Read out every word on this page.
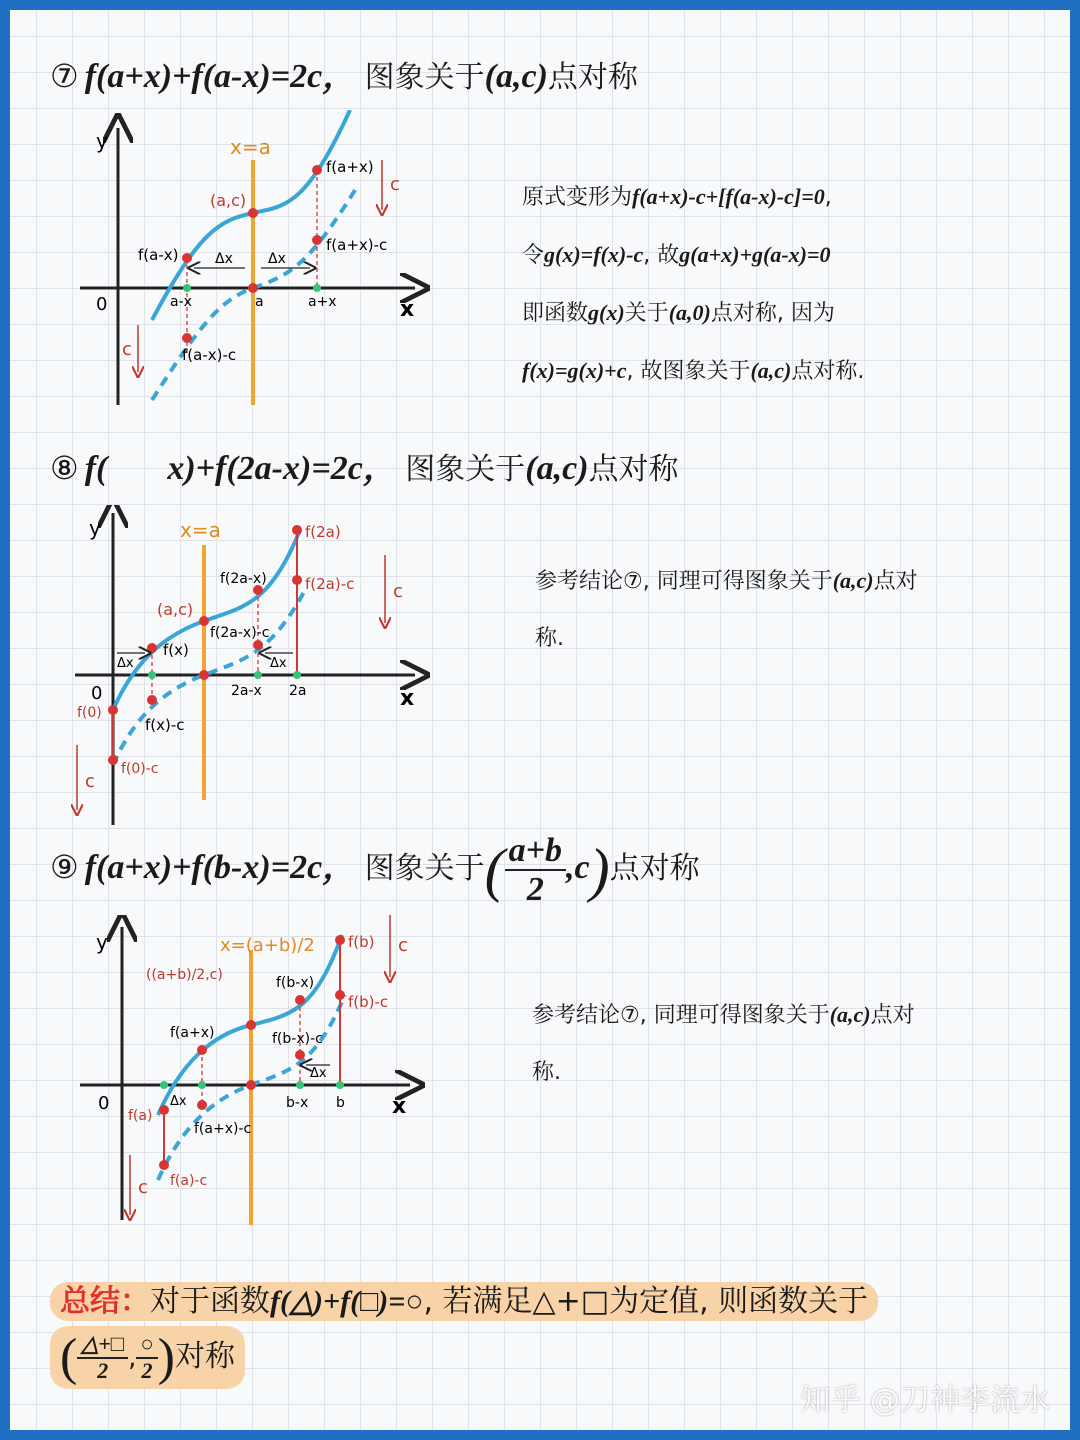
⑦ f(a+x)+f(a-x)=2c， 图象关于(a,c)点对称
y
x
0
x=a
(a,c)
f(a-x)
f(a+x)
f(a+x)-c
f(a-x)-c
a-x	a	a+x
Δx	Δx
c
c
原式变形为f(a+x)-c+[f(a-x)-c]=0,
令g(x)=f(x)-c, 故g(a+x)+g(a-x)=0
即函数g(x)关于(a,0)点对称, 因为
f(x)=g(x)+c, 故图象关于(a,c)点对称.
⑧ f( x)+f(2a-x)=2c， 图象关于(a,c)点对称
y
x
0
x=a
(a,c)
f(2a)
f(2a)-c
f(2a-x)
f(2a-x)-c
f(x)
f(x)-c
f(0)
f(0)-c
2a-x 2a
Δx	Δx
c
c
参考结论⑦, 同理可得图象关于(a,c)点对
称.
⑨ f(a+x)+f(b-x)=2c， 图象关于( $\frac{a+b}{2} ,c$)点对称
y
x
0
x=(a+b)/2
((a+b)/2,c)
f(b)
f(b)-c
f(b-x)
f(b-x)-c
f(a+x)
f(a+x)-c
f(a)
f(a)-c
b-x b
Δx
Δx
c
c
参考结论⑦, 同理可得图象关于(a,c)点对
称.
总结：对于函数f(△)+f(□)=○, 若满足△+□为定值, 则函数关于
( $\frac{\triangle+□}{2}$ , $\frac{○}{2}$ )对称
知乎 @刀神李流水
